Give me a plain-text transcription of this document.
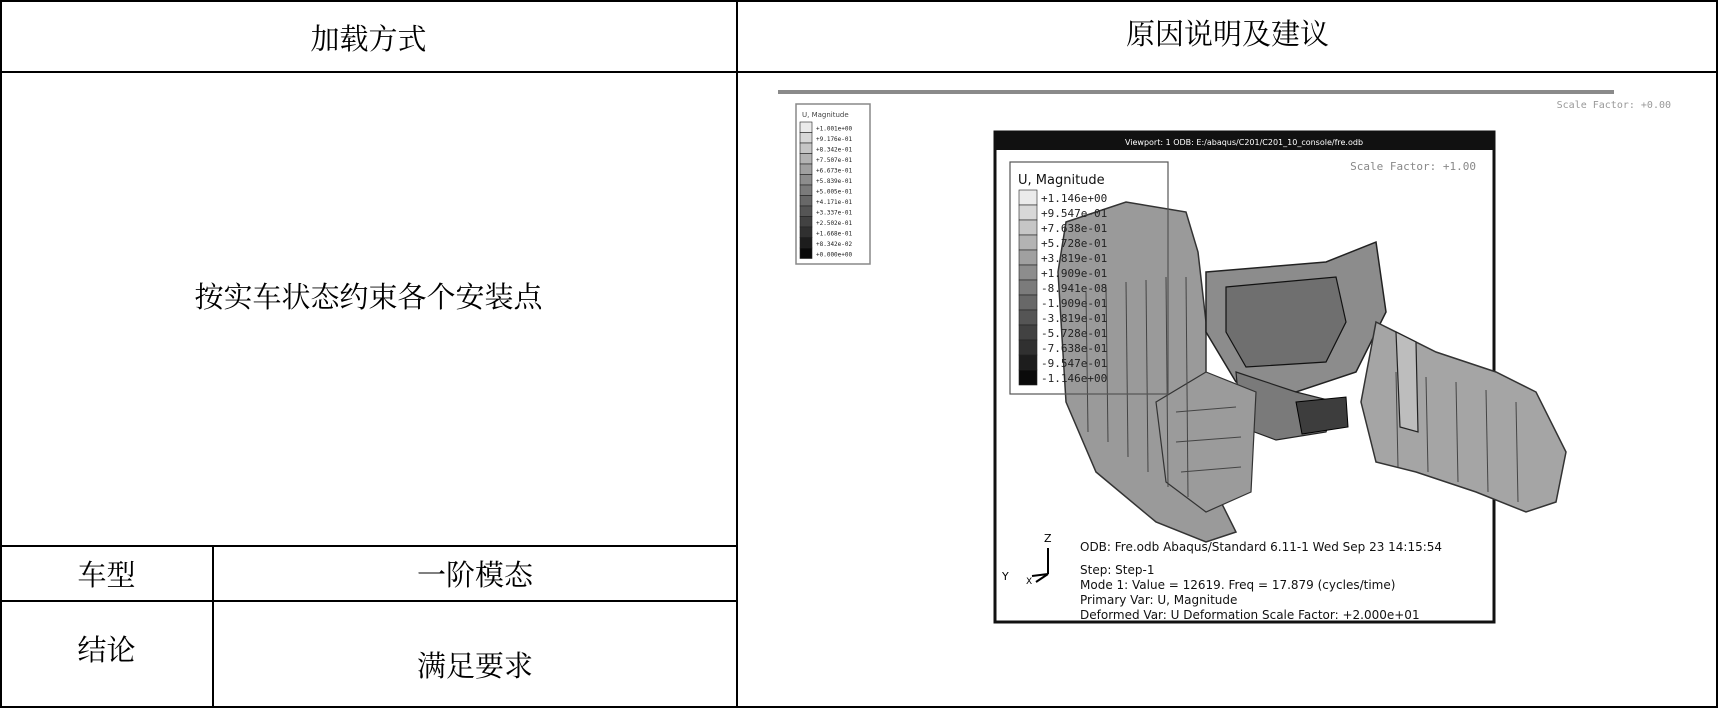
加载方式	原因说明及建议
按实车状态约束各个安装点
车型	一阶模态
结论	满足要求
Scale Factor: +0.00
U, Magnitude
+1.001e+00
+9.176e-01
+8.342e-01
+7.507e-01
+6.673e-01
+5.839e-01
+5.005e-01
+4.171e-01
+3.337e-01
+2.502e-01
+1.668e-01
+8.342e-02
+0.000e+00
Viewport: 1 ODB: E:/abaqus/C201/C201_10_console/fre.odb
Scale Factor: +1.00
U, Magnitude
+1.146e+00
+9.547e-01
+7.638e-01
+5.728e-01
+3.819e-01
+1.909e-01
-8.941e-08
-1.909e-01
-3.819e-01
-5.728e-01
-7.638e-01
-9.547e-01
-1.146e+00
Z
Y X
ODB: Fre.odb Abaqus/Standard 6.11-1 Wed Sep 23 14:15:54
Step: Step-1
Mode 1: Value = 12619. Freq = 17.879 (cycles/time)
Primary Var: U, Magnitude
Deformed Var: U Deformation Scale Factor: +2.000e+01
